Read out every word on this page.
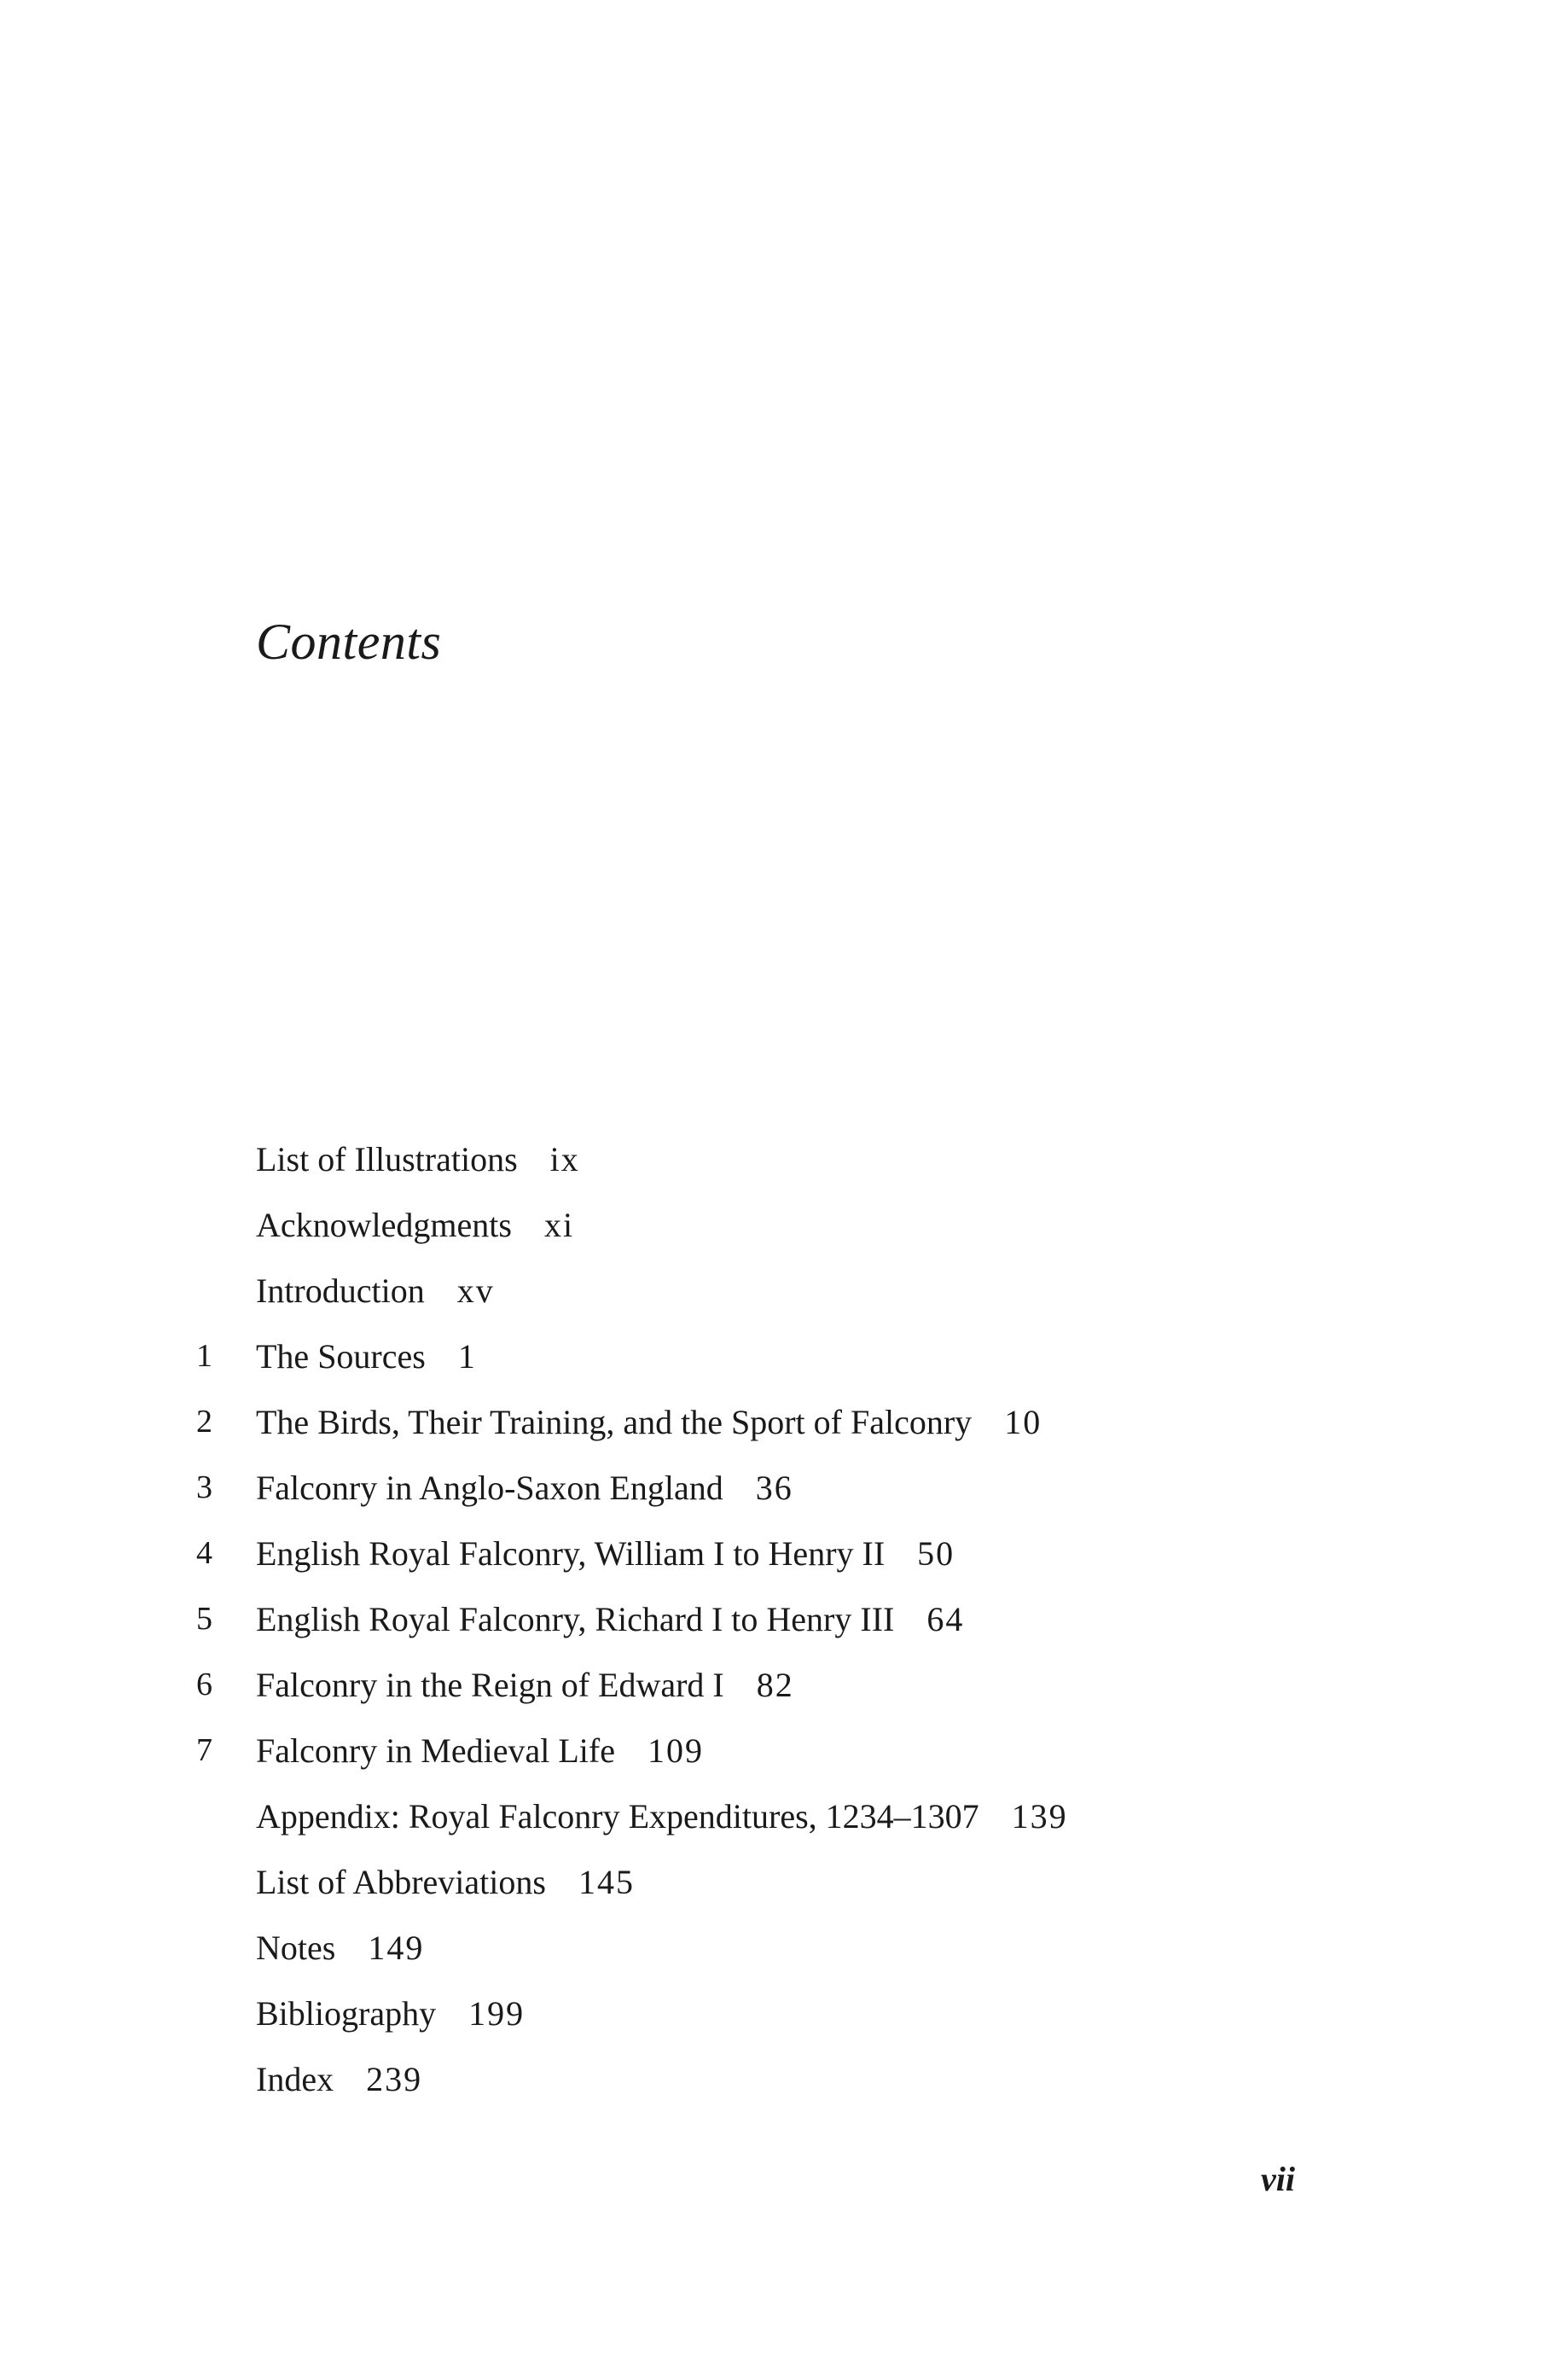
Contents
List of Illustrations ix
Acknowledgments xi
Introduction xv
1 The Sources 1
2 The Birds, Their Training, and the Sport of Falconry 10
3 Falconry in Anglo-Saxon England 36
4 English Royal Falconry, William I to Henry II 50
5 English Royal Falconry, Richard I to Henry III 64
6 Falconry in the Reign of Edward I 82
7 Falconry in Medieval Life 109
Appendix: Royal Falconry Expenditures, 1234–1307 139
List of Abbreviations 145
Notes 149
Bibliography 199
Index 239
vii
